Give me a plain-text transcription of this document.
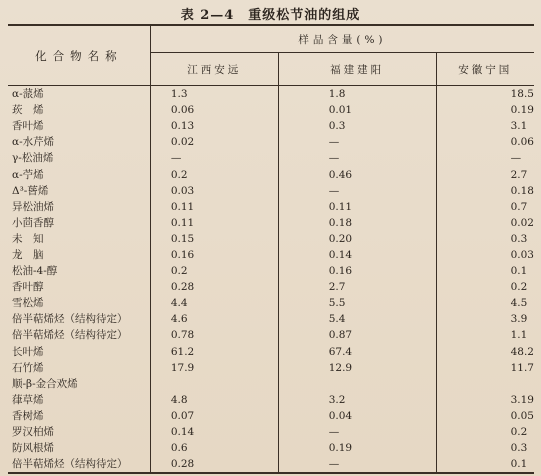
表 2—4　重级松节油的组成
化合物名称	样品含量(%)		
	江西安远	福建建阳	安徽宁国
α-蒎烯	1.3	1.8	18.5
莰　烯	0.06	0.01	0.19
香叶烯	0.13	0.3	3.1
α-水芹烯	0.02	—	0.06
γ-松油烯	—	—	—
α-苧烯	0.2	0.46	2.7
Δ³-蒈烯	0.03	—	0.18
异松油烯	0.11	0.11	0.7
小茴香醇	0.11	0.18	0.02
未　知	0.15	0.20	0.3
龙　脑	0.16	0.14	0.03
松油-4-醇	0.2	0.16	0.1
香叶醇	0.28	2.7	0.2
雪松烯	4.4	5.5	4.5
倍半萜烯烃（结构待定）	4.6	5.4	3.9
倍半萜烯烃（结构待定）	0.78	0.87	1.1
长叶烯	61.2	67.4	48.2
石竹烯	17.9	12.9	11.7
顺-β-金合欢烯			
葎草烯	4.8	3.2	3.19
香树烯	0.07	0.04	0.05
罗汉柏烯	0.14	—	0.2
防风根烯	0.6	0.19	0.3
倍半萜烯烃（结构待定）	0.28	—	0.1
